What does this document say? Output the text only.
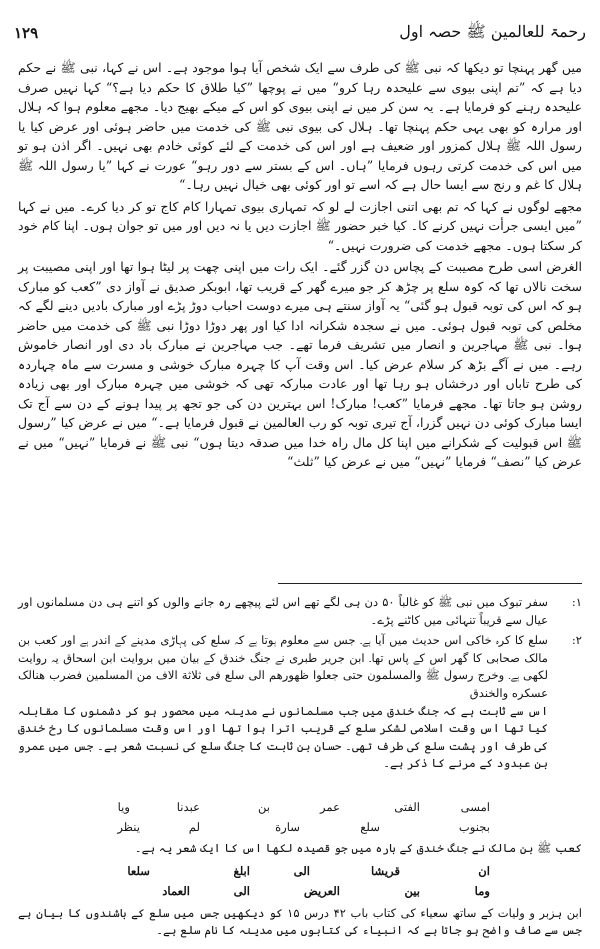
۱۲۹	رحمۃ للعالمین ﷺ حصہ اول

میں گھر پہنچا تو دیکھا کہ نبی ﷺ کی طرف سے ایک شخص آیا ہوا موجود ہے۔ اس نے کہا، نبی ﷺ نے حکم دیا ہے کہ ”تم اپنی بیوی سے علیحدہ رہا کرو“ میں نے پوچھا ”کیا طلاق کا حکم دیا ہے؟“ کہا نہیں صرف علیحدہ رہنے کو فرمایا ہے۔ یہ سن کر میں نے اپنی بیوی کو اس کے میکے بھیج دیا۔ مجھے معلوم ہوا کہ ہلال اور مرارہ کو بھی یہی حکم پہنچا تھا۔ ہلال کی بیوی نبی ﷺ کی خدمت میں حاضر ہوئی اور عرض کیا یا رسول اللہ ﷺ ہلال کمزور اور ضعیف ہے اور اس کی خدمت کے لئے کوئی خادم بھی نہیں۔ اگر اذن ہو تو میں اس کی خدمت کرتی رہوں فرمایا ”ہاں۔ اس کے بستر سے دور رہو“ عورت نے کہا ”یا رسول اللہ ﷺ ہلال کا غم و رنج سے ایسا حال ہے کہ اسے تو اور کوئی بھی خیال نہیں رہا۔“

مجھے لوگوں نے کہا کہ تم بھی اتنی اجازت لے لو کہ تمہاری بیوی تمہارا کام کاج تو کر دیا کرے۔ میں نے کہا ”میں ایسی جرأت نہیں کرنے کا۔ کیا خبر حضور ﷺ اجازت دیں یا نہ دیں اور میں تو جوان ہوں۔ اپنا کام خود کر سکتا ہوں۔ مجھے خدمت کی ضرورت نہیں۔“

الغرض اسی طرح مصیبت کے پچاس دن گزر گئے۔ ایک رات میں اپنی چھت پر لیٹا ہوا تھا اور اپنی مصیبت پر سخت نالاں تھا کہ کوہ سلع پر چڑھ کر جو میرے گھر کے قریب تھا، ابوبکر صدیق نے آواز دی ”کعب کو مبارک ہو کہ اس کی توبہ قبول ہو گئی“ یہ آواز سنتے ہی میرے دوست احباب دوڑ پڑے اور مبارک بادیں دینے لگے کہ مخلص کی توبہ قبول ہوئی۔ میں نے سجدہ شکرانہ ادا کیا اور پھر دوڑا دوڑا نبی ﷺ کی خدمت میں حاضر ہوا۔ نبی ﷺ مہاجرین و انصار میں تشریف فرما تھے۔ جب مہاجرین نے مبارک باد دی اور انصار خاموش رہے۔ میں نے آگے بڑھ کر سلام عرض کیا۔ اس وقت آپ کا چہرہ مبارک خوشی و مسرت سے ماہ چہاردہ کی طرح تاباں اور درخشاں ہو رہا تھا اور عادت مبارکہ تھی کہ خوشی میں چہرہ مبارک اور بھی زیادہ روشن ہو جاتا تھا۔ مجھے فرمایا ”کعب! مبارک! اس بہترین دن کی جو تجھ پر پیدا ہونے کے دن سے آج تک ایسا مبارک کوئی دن نہیں گزرا، آج تیری توبہ کو رب العالمین نے قبول فرمایا ہے۔“ میں نے عرض کیا ”رسول ﷺ اس قبولیت کے شکرانے میں اپنا کل مال راہ خدا میں صدقہ دیتا ہوں“ نبی ﷺ نے فرمایا ”نہیں“ میں نے عرض کیا ”نصف“ فرمایا ”نہیں“ میں نے عرض کیا ”ثلث“

۱:

سفر تبوک میں نبی ﷺ کو غالباً ۵۰ دن ہی لگے تھے اس لئے پیچھے رہ جانے والوں کو اتنے ہی دن مسلمانوں اور عیال سے قریباً تنہائی میں کاٹنے پڑے۔

۲:

سلع کا کرہ خاکی اس حدیث میں آیا ہے۔ جس سے معلوم ہوتا ہے کہ سلع کی پہاڑی مدینے کے اندر ہے اور کعب بن مالک صحابی کا گھر اس کے پاس تھا۔ ابن جریر طبری نے جنگ خندق کے بیان میں بروایت ابن اسحاق یہ روایت لکھی ہے۔ وخرج رسول ﷺ والمسلمون حتی جعلوا ظهورهم الی سلع فی ثلاثة الاف من المسلمین فضرب هنالک عسکره والخندق

اس سے ثابت ہے کہ جنگ خندق میں جب مسلمانوں نے مدینہ میں محصور ہو کر دشمنوں کا مقابلہ کیا تھا اس وقت اسلامی لشکر سلع کے قریب اترا ہوا تھا اور اس وقت مسلمانوں کا رخ خندق کی طرف اور پشت سلع کی طرف تھی۔ حسان بن ثابت کا جنگ سلع کی نسبت شعر ہے۔ جس میں عمرو بن عبدود کے مرنے کا ذکر ہے۔

امسی
الفتی
عمر
بن
عبدنا
ویا
بجنوب
سلع
سارة
لم
ینظر
کعب ﷺ بن مالک نے جنگ خندق کے بارہ میں جو قصیدہ لکھا اس کا ایک شعر یہ ہے۔
ان
قریشا
الی
ابلغ
سلعا
وما
بین
العریض
الی
العماد
ابن ہزبر و ولیات کے ساتھ سعیاء کی کتاب باب ۴۲ درس ۱۵ کو دیکھیں جس میں سلع کے باشندوں کا بیان ہے جس سے صاف واضح ہو جاتا ہے کہ انبیاء کی کتابوں میں مدینہ کا نام سلع ہے۔
